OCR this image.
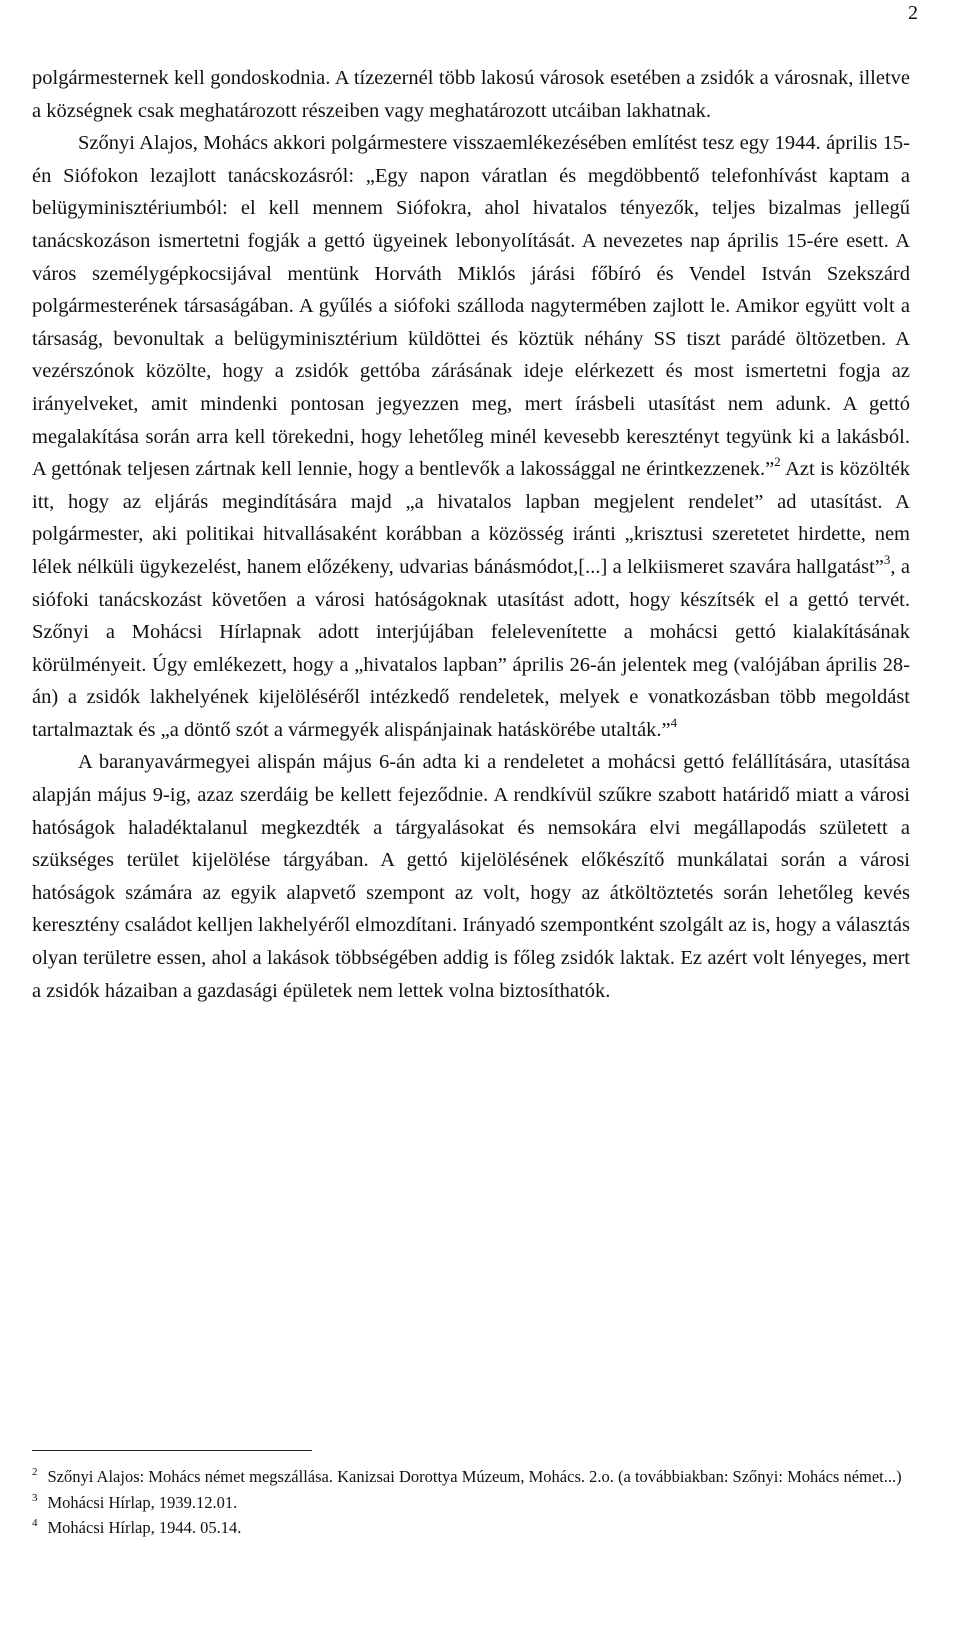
2

polgármesternek kell gondoskodnia. A tízezernél több lakosú városok esetében a zsidók a városnak, illetve a községnek csak meghatározott részeiben vagy meghatározott utcáiban lakhatnak.

Szőnyi Alajos, Mohács akkori polgármestere visszaemlékezésében említést tesz egy 1944. április 15-én Siófokon lezajlott tanácskozásról: „Egy napon váratlan és megdöbbentő telefonhívást kaptam a belügyminisztériumból: el kell mennem Siófokra, ahol hivatalos tényezők, teljes bizalmas jellegű tanácskozáson ismertetni fogják a gettó ügyeinek lebonyolítását. A nevezetes nap április 15-ére esett. A város személygépkocsijával mentünk Horváth Miklós járási főbíró és Vendel István Szekszárd polgármesterének társaságában. A gyűlés a siófoki szálloda nagytermében zajlott le. Amikor együtt volt a társaság, bevonultak a belügyminisztérium küldöttei és köztük néhány SS tiszt parádé öltözetben. A vezérszónok közölte, hogy a zsidók gettóba zárásának ideje elérkezett és most ismertetni fogja az irányelveket, amit mindenki pontosan jegyezzen meg, mert írásbeli utasítást nem adunk. A gettó megalakítása során arra kell törekedni, hogy lehetőleg minél kevesebb keresztényt tegyünk ki a lakásból. A gettónak teljesen zártnak kell lennie, hogy a bentlevők a lakossággal ne érintkezzenek.”$^2$ Azt is közölték itt, hogy az eljárás megindítására majd „a hivatalos lapban megjelent rendelet” ad utasítást. A polgármester, aki politikai hitvallásaként korábban a közösség iránti „krisztusi szeretetet hirdette, nem lélek nélküli ügykezelést, hanem előzékeny, udvarias bánásmódot,[...] a lelkiismeret szavára hallgatást”$^3$, a siófoki tanácskozást követően a városi hatóságoknak utasítást adott, hogy készítsék el a gettó tervét. Szőnyi a Mohácsi Hírlapnak adott interjújában felelevenítette a mohácsi gettó kialakításának körülményeit. Úgy emlékezett, hogy a „hivatalos lapban” április 26-án jelentek meg (valójában április 28-án) a zsidók lakhelyének kijelöléséről intézkedő rendeletek, melyek e vonatkozásban több megoldást tartalmaztak és „a döntő szót a vármegyék alispánjainak hatáskörébe utalták.”$^4$

A baranyavármegyei alispán május 6-án adta ki a rendeletet a mohácsi gettó felállítására, utasítása alapján május 9-ig, azaz szerdáig be kellett fejeződnie. A rendkívül szűkre szabott határidő miatt a városi hatóságok haladéktalanul megkezdték a tárgyalásokat és nemsokára elvi megállapodás született a szükséges terület kijelölése tárgyában. A gettó kijelölésének előkészítő munkálatai során a városi hatóságok számára az egyik alapvető szempont az volt, hogy az átköltöztetés során lehetőleg kevés keresztény családot kelljen lakhelyéről elmozdítani. Irányadó szempontként szolgált az is, hogy a választás olyan területre essen, ahol a lakások többségében addig is főleg zsidók laktak. Ez azért volt lényeges, mert a zsidók házaiban a gazdasági épületek nem lettek volna biztosíthatók.

$^2$ Szőnyi Alajos: Mohács német megszállása. Kanizsai Dorottya Múzeum, Mohács. 2.o. (a továbbiakban: Szőnyi: Mohács német...)

$^3$ Mohácsi Hírlap, 1939.12.01.

$^4$ Mohácsi Hírlap, 1944. 05.14.
